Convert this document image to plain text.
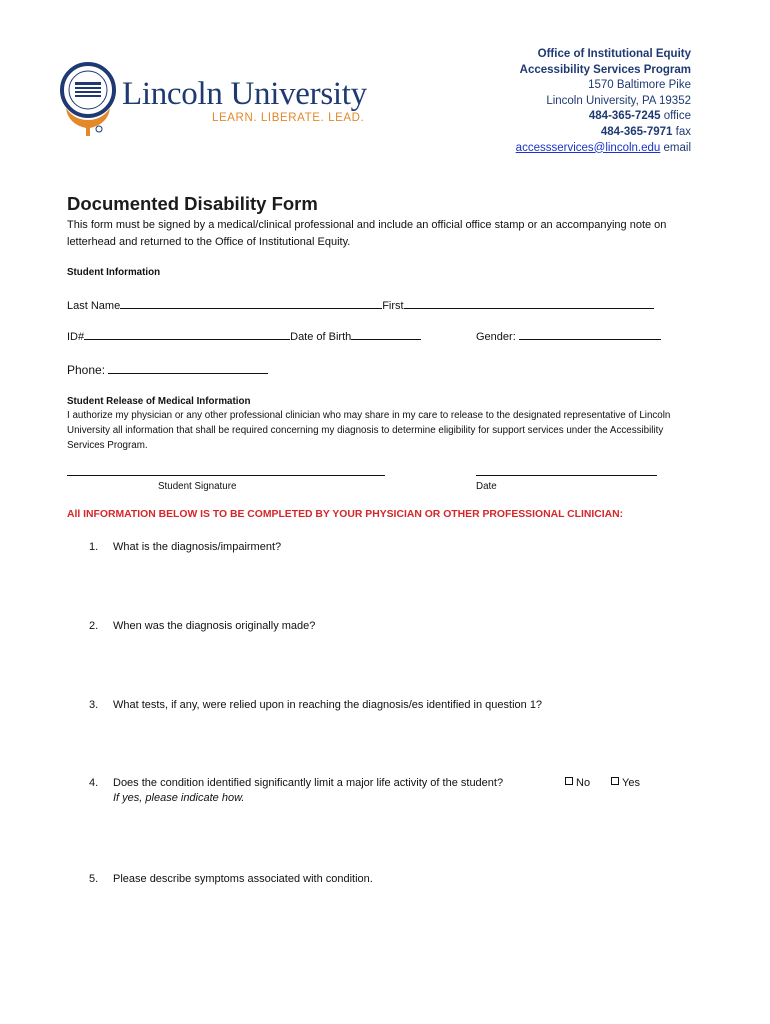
Lincoln University
LEARN. LIBERATE. LEAD.
Office of Institutional Equity
Accessibility Services Program
1570 Baltimore Pike
Lincoln University, PA 19352
484-365-7245 office
484-365-7971 fax
accessservices@lincoln.edu email
Documented Disability Form
This form must be signed by a medical/clinical professional and include an official office stamp or an accompanying note on letterhead and returned to the Office of Institutional Equity.
Student Information
Last Name	First
ID#	Date of Birth	Gender:
Phone:
Student Release of Medical Information
I authorize my physician or any other professional clinician who may share in my care to release to the designated representative of Lincoln University all information that shall be required concerning my diagnosis to determine eligibility for support services under the Accessibility Services Program.
Student Signature	Date
All INFORMATION BELOW IS TO BE COMPLETED BY YOUR PHYSICIAN OR OTHER PROFESSIONAL CLINICIAN:
1. What is the diagnosis/impairment?
2. When was the diagnosis originally made?
3. What tests, if any, were relied upon in reaching the diagnosis/es identified in question 1?
4. Does the condition identified significantly limit a major life activity of the student?
If yes, please indicate how.
No	Yes
5. Please describe symptoms associated with condition.
